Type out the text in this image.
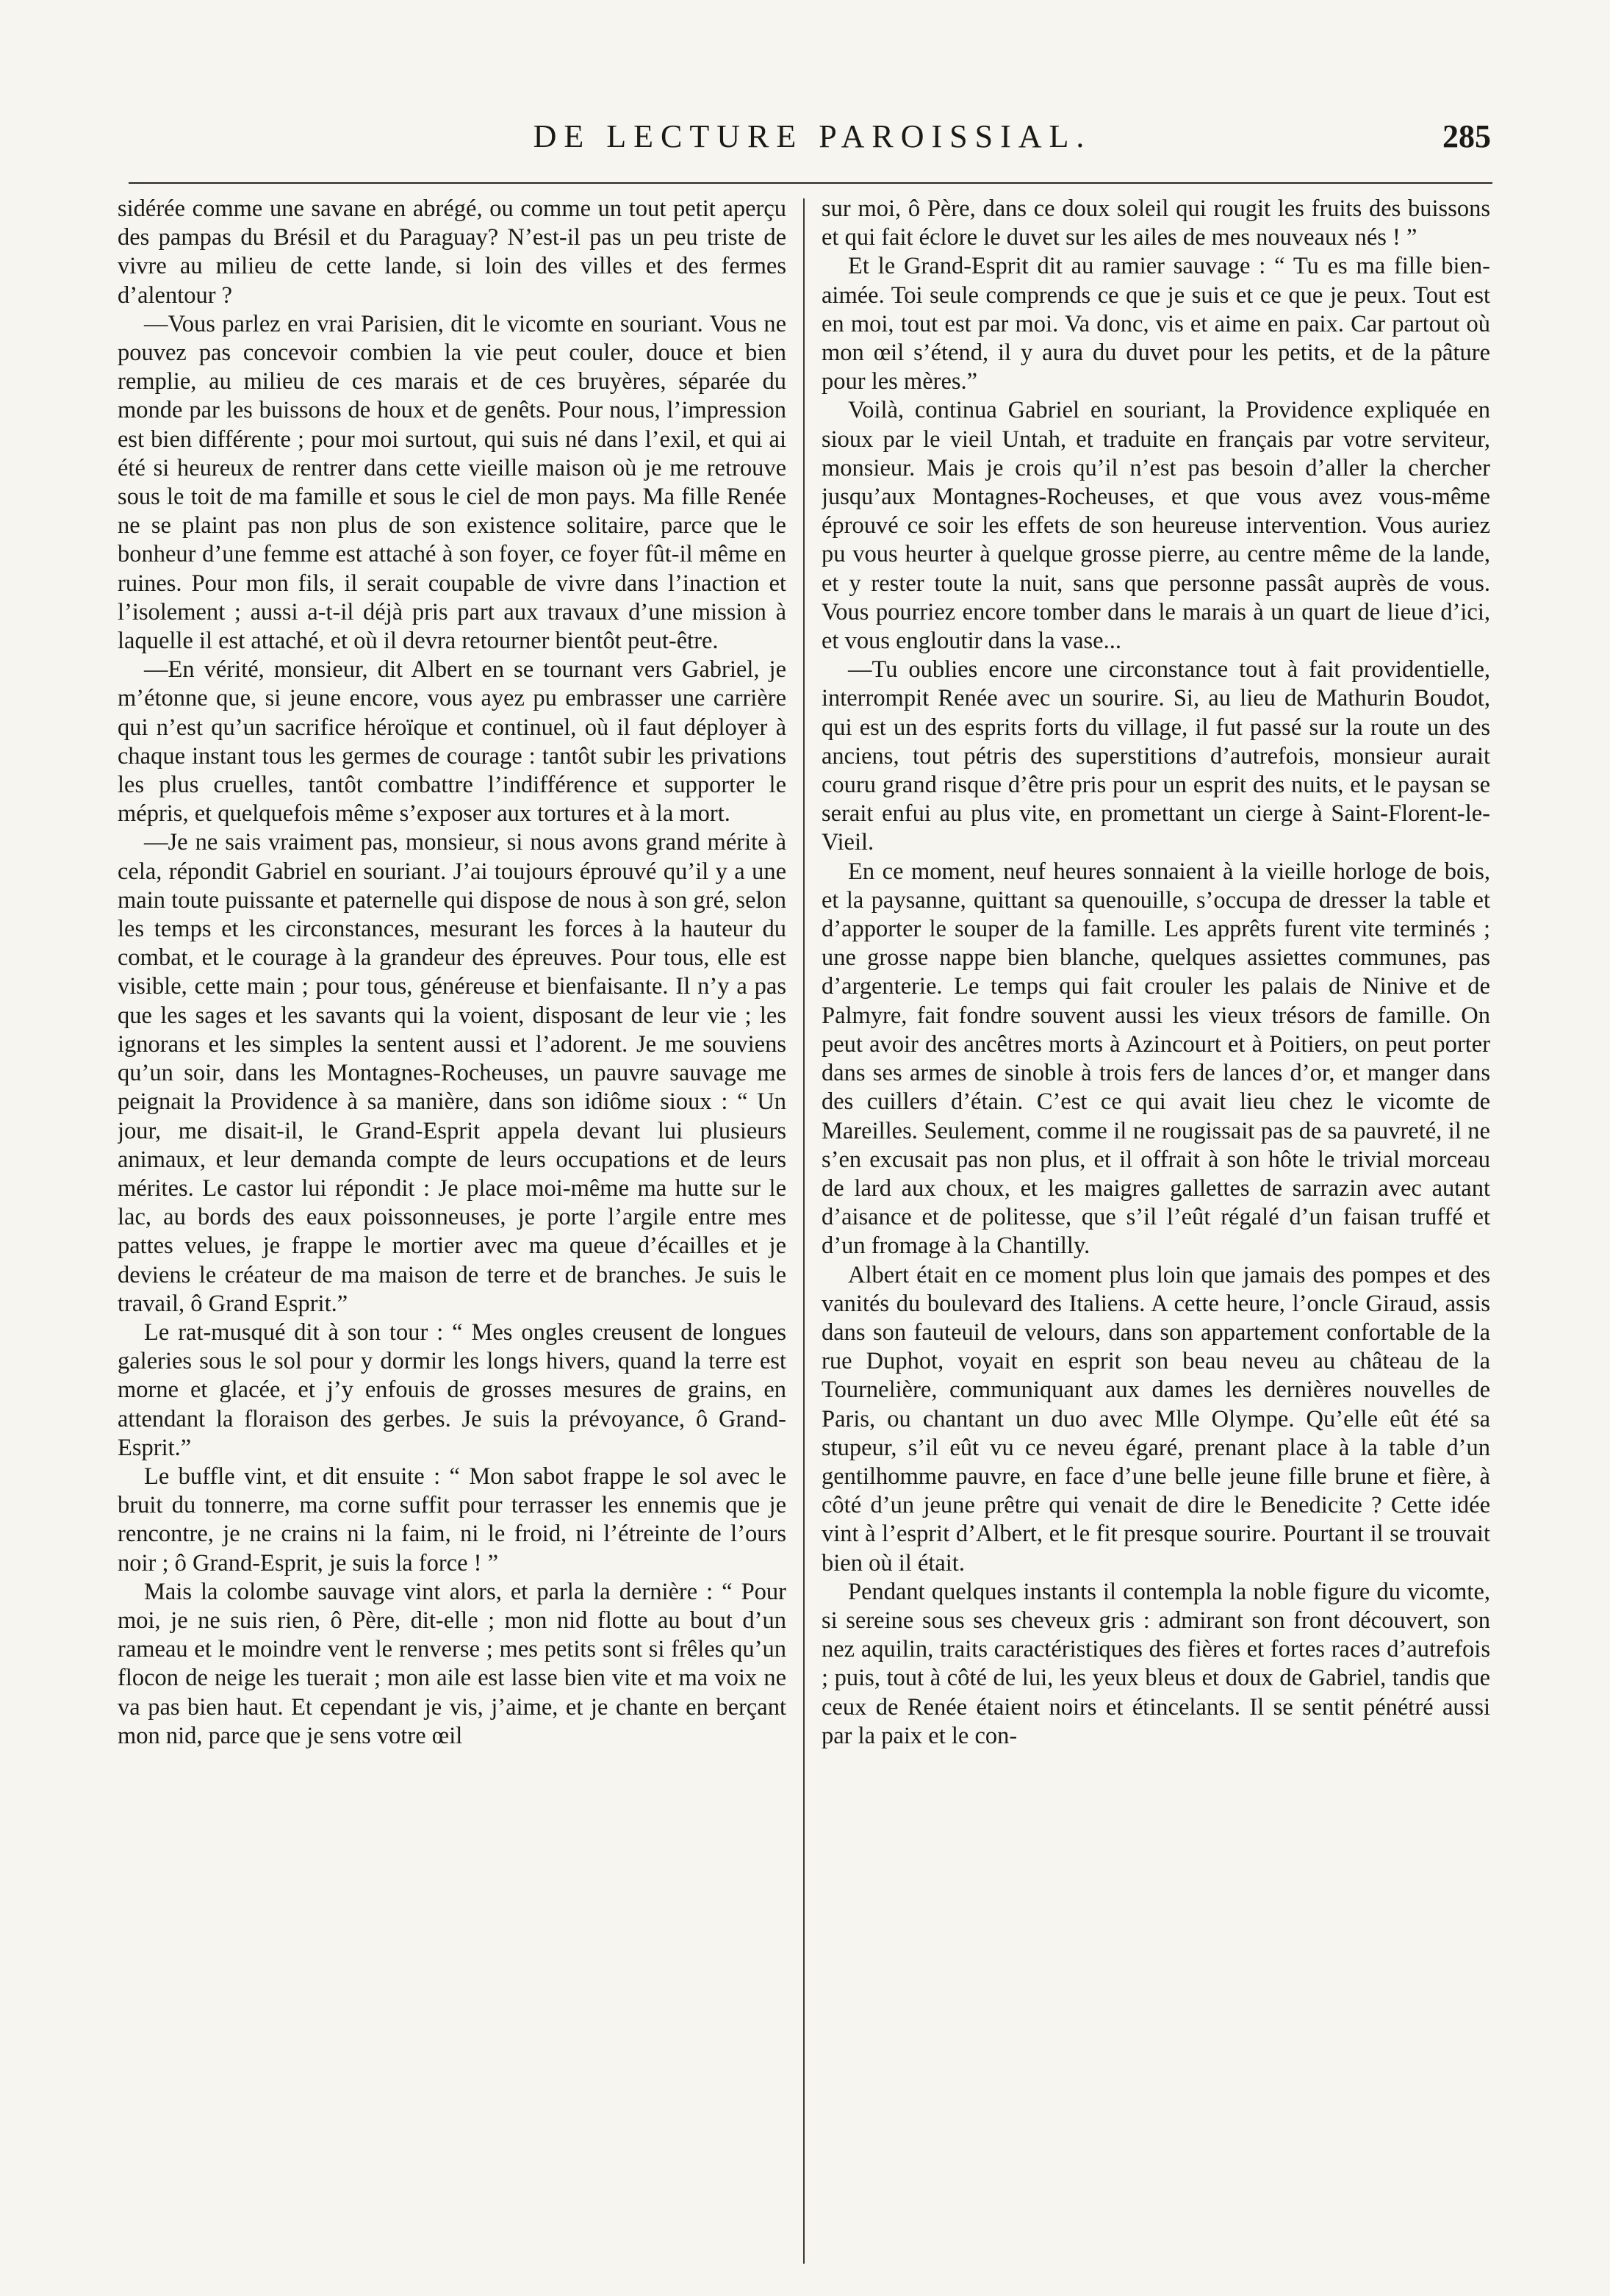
DE LECTURE PAROISSIAL.	285

sidérée comme une savane en abrégé, ou comme un tout petit aperçu des pampas du Brésil et du Paraguay? N’est-il pas un peu triste de vivre au milieu de cette lande, si loin des villes et des fermes d’alentour ?

—Vous parlez en vrai Parisien, dit le vicomte en souriant. Vous ne pouvez pas concevoir combien la vie peut couler, douce et bien remplie, au milieu de ces marais et de ces bruyères, séparée du monde par les buissons de houx et de genêts. Pour nous, l’impression est bien différente ; pour moi surtout, qui suis né dans l’exil, et qui ai été si heureux de rentrer dans cette vieille maison où je me retrouve sous le toit de ma famille et sous le ciel de mon pays. Ma fille Renée ne se plaint pas non plus de son existence solitaire, parce que le bonheur d’une femme est attaché à son foyer, ce foyer fût-il même en ruines. Pour mon fils, il serait coupable de vivre dans l’inaction et l’isolement ; aussi a-t-il déjà pris part aux travaux d’une mission à laquelle il est attaché, et où il devra retourner bientôt peut-être.

—En vérité, monsieur, dit Albert en se tournant vers Gabriel, je m’étonne que, si jeune encore, vous ayez pu embrasser une carrière qui n’est qu’un sacrifice héroïque et continuel, où il faut déployer à chaque instant tous les germes de courage : tantôt subir les privations les plus cruelles, tantôt combattre l’indifférence et supporter le mépris, et quelquefois même s’exposer aux tortures et à la mort.

—Je ne sais vraiment pas, monsieur, si nous avons grand mérite à cela, répondit Gabriel en souriant. J’ai toujours éprouvé qu’il y a une main toute puissante et paternelle qui dispose de nous à son gré, selon les temps et les circonstances, mesurant les forces à la hauteur du combat, et le courage à la grandeur des épreuves. Pour tous, elle est visible, cette main ; pour tous, généreuse et bienfaisante. Il n’y a pas que les sages et les savants qui la voient, disposant de leur vie ; les ignorans et les simples la sentent aussi et l’adorent. Je me souviens qu’un soir, dans les Montagnes-Rocheuses, un pauvre sauvage me peignait la Providence à sa manière, dans son idiôme sioux : “ Un jour, me disait-il, le Grand-Esprit appela devant lui plusieurs animaux, et leur demanda compte de leurs occupations et de leurs mérites. Le castor lui répondit : Je place moi-même ma hutte sur le lac, au bords des eaux poissonneuses, je porte l’argile entre mes pattes velues, je frappe le mortier avec ma queue d’écailles et je deviens le créateur de ma maison de terre et de branches. Je suis le travail, ô Grand Esprit.”

Le rat-musqué dit à son tour : “ Mes ongles creusent de longues galeries sous le sol pour y dormir les longs hivers, quand la terre est morne et glacée, et j’y enfouis de grosses mesures de grains, en attendant la floraison des gerbes. Je suis la prévoyance, ô Grand-Esprit.”

Le buffle vint, et dit ensuite : “ Mon sabot frappe le sol avec le bruit du tonnerre, ma corne suffit pour terrasser les ennemis que je rencontre, je ne crains ni la faim, ni le froid, ni l’étreinte de l’ours noir ; ô Grand-Esprit, je suis la force ! ”

Mais la colombe sauvage vint alors, et parla la dernière : “ Pour moi, je ne suis rien, ô Père, dit-elle ; mon nid flotte au bout d’un rameau et le moindre vent le renverse ; mes petits sont si frêles qu’un flocon de neige les tuerait ; mon aile est lasse bien vite et ma voix ne va pas bien haut. Et cependant je vis, j’aime, et je chante en berçant mon nid, parce que je sens votre œil

sur moi, ô Père, dans ce doux soleil qui rougit les fruits des buissons et qui fait éclore le duvet sur les ailes de mes nouveaux nés ! ”

Et le Grand-Esprit dit au ramier sauvage : “ Tu es ma fille bien-aimée. Toi seule comprends ce que je suis et ce que je peux. Tout est en moi, tout est par moi. Va donc, vis et aime en paix. Car partout où mon œil s’étend, il y aura du duvet pour les petits, et de la pâture pour les mères.”

Voilà, continua Gabriel en souriant, la Providence expliquée en sioux par le vieil Untah, et traduite en français par votre serviteur, monsieur. Mais je crois qu’il n’est pas besoin d’aller la chercher jusqu’aux Montagnes-Rocheuses, et que vous avez vous-même éprouvé ce soir les effets de son heureuse intervention. Vous auriez pu vous heurter à quelque grosse pierre, au centre même de la lande, et y rester toute la nuit, sans que personne passât auprès de vous. Vous pourriez encore tomber dans le marais à un quart de lieue d’ici, et vous engloutir dans la vase...

—Tu oublies encore une circonstance tout à fait providentielle, interrompit Renée avec un sourire. Si, au lieu de Mathurin Boudot, qui est un des esprits forts du village, il fut passé sur la route un des anciens, tout pétris des superstitions d’autrefois, monsieur aurait couru grand risque d’être pris pour un esprit des nuits, et le paysan se serait enfui au plus vite, en promettant un cierge à Saint-Florent-le-Vieil.

En ce moment, neuf heures sonnaient à la vieille horloge de bois, et la paysanne, quittant sa quenouille, s’occupa de dresser la table et d’apporter le souper de la famille. Les apprêts furent vite terminés ; une grosse nappe bien blanche, quelques assiettes communes, pas d’argenterie. Le temps qui fait crouler les palais de Ninive et de Palmyre, fait fondre souvent aussi les vieux trésors de famille. On peut avoir des ancêtres morts à Azincourt et à Poitiers, on peut porter dans ses armes de sinoble à trois fers de lances d’or, et manger dans des cuillers d’étain. C’est ce qui avait lieu chez le vicomte de Mareilles. Seulement, comme il ne rougissait pas de sa pauvreté, il ne s’en excusait pas non plus, et il offrait à son hôte le trivial morceau de lard aux choux, et les maigres gallettes de sarrazin avec autant d’aisance et de politesse, que s’il l’eût régalé d’un faisan truffé et d’un fromage à la Chantilly.

Albert était en ce moment plus loin que jamais des pompes et des vanités du boulevard des Italiens. A cette heure, l’oncle Giraud, assis dans son fauteuil de velours, dans son appartement confortable de la rue Duphot, voyait en esprit son beau neveu au château de la Tournelière, communiquant aux dames les dernières nouvelles de Paris, ou chantant un duo avec Mlle Olympe. Qu’elle eût été sa stupeur, s’il eût vu ce neveu égaré, prenant place à la table d’un gentilhomme pauvre, en face d’une belle jeune fille brune et fière, à côté d’un jeune prêtre qui venait de dire le Benedicite ? Cette idée vint à l’esprit d’Albert, et le fit presque sourire. Pourtant il se trouvait bien où il était.

Pendant quelques instants il contempla la noble figure du vicomte, si sereine sous ses cheveux gris : admirant son front découvert, son nez aquilin, traits caractéristiques des fières et fortes races d’autrefois ; puis, tout à côté de lui, les yeux bleus et doux de Gabriel, tandis que ceux de Renée étaient noirs et étincelants. Il se sentit pénétré aussi par la paix et le con-
